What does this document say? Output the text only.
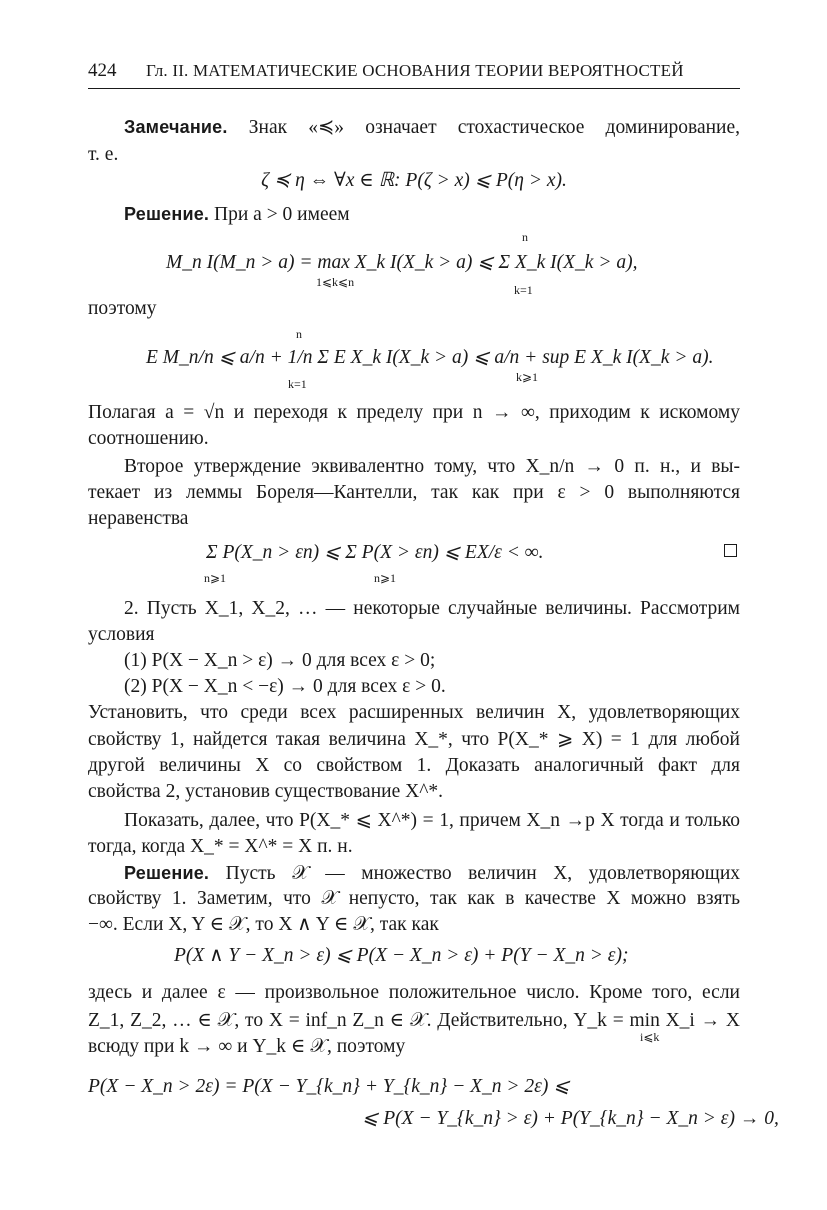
424 Гл. II. МАТЕМАТИЧЕСКИЕ ОСНОВАНИЯ ТЕОРИИ ВЕРОЯТНОСТЕЙ
Замечание. Знак «≼» означает стохастическое доминирование,
т. е.
ζ ≼ η ⇔ ∀x ∈ ℝ: P(ζ > x) ⩽ P(η > x).
Решение. При a > 0 имеем
M_n I(M_n > a) = max X_k I(X_k > a) ⩽ Σ X_k I(X_k > a),
1⩽k⩽n
n
k=1
поэтому
E M_n/n ⩽ a/n + 1/n Σ E X_k I(X_k > a) ⩽ a/n + sup E X_k I(X_k > a).
n
k=1	k⩾1
Полагая a = √n и переходя к пределу при n → ∞, приходим к искомому
соотношению.
Второе утверждение эквивалентно тому, что X_n/n → 0 п. н., и вы-
текает из леммы Бореля—Кантелли, так как при ε > 0 выполняются
неравенства
Σ P(X_n > εn) ⩽ Σ P(X > εn) ⩽ EX/ε < ∞.
n⩾1	n⩾1
2. Пусть X_1, X_2, … — некоторые случайные величины. Рассмотрим
условия
(1) P(X − X_n > ε) → 0 для всех ε > 0;
(2) P(X − X_n < −ε) → 0 для всех ε > 0.
Установить, что среди всех расширенных величин X, удовлетворяющих
свойству 1, найдется такая величина X_*, что P(X_* ⩾ X) = 1 для любой
другой величины X со свойством 1. Доказать аналогичный факт для
свойства 2, установив существование X^*.
Показать, далее, что P(X_* ⩽ X^*) = 1, причем X_n →p X тогда и только
тогда, когда X_* = X^* = X п. н.
Решение. Пусть 𝒳 — множество величин X, удовлетворяющих
свойству 1. Заметим, что 𝒳 непусто, так как в качестве X можно взять
−∞. Если X, Y ∈ 𝒳, то X ∧ Y ∈ 𝒳, так как
P(X ∧ Y − X_n > ε) ⩽ P(X − X_n > ε) + P(Y − X_n > ε);
здесь и далее ε — произвольное положительное число. Кроме того, если
Z_1, Z_2, … ∈ 𝒳, то X = inf_n Z_n ∈ 𝒳. Действительно, Y_k = min X_i → X
i⩽k
всюду при k → ∞ и Y_k ∈ 𝒳, поэтому
P(X − X_n > 2ε) = P(X − Y_{k_n} + Y_{k_n} − X_n > 2ε) ⩽
⩽ P(X − Y_{k_n} > ε) + P(Y_{k_n} − X_n > ε) → 0,
